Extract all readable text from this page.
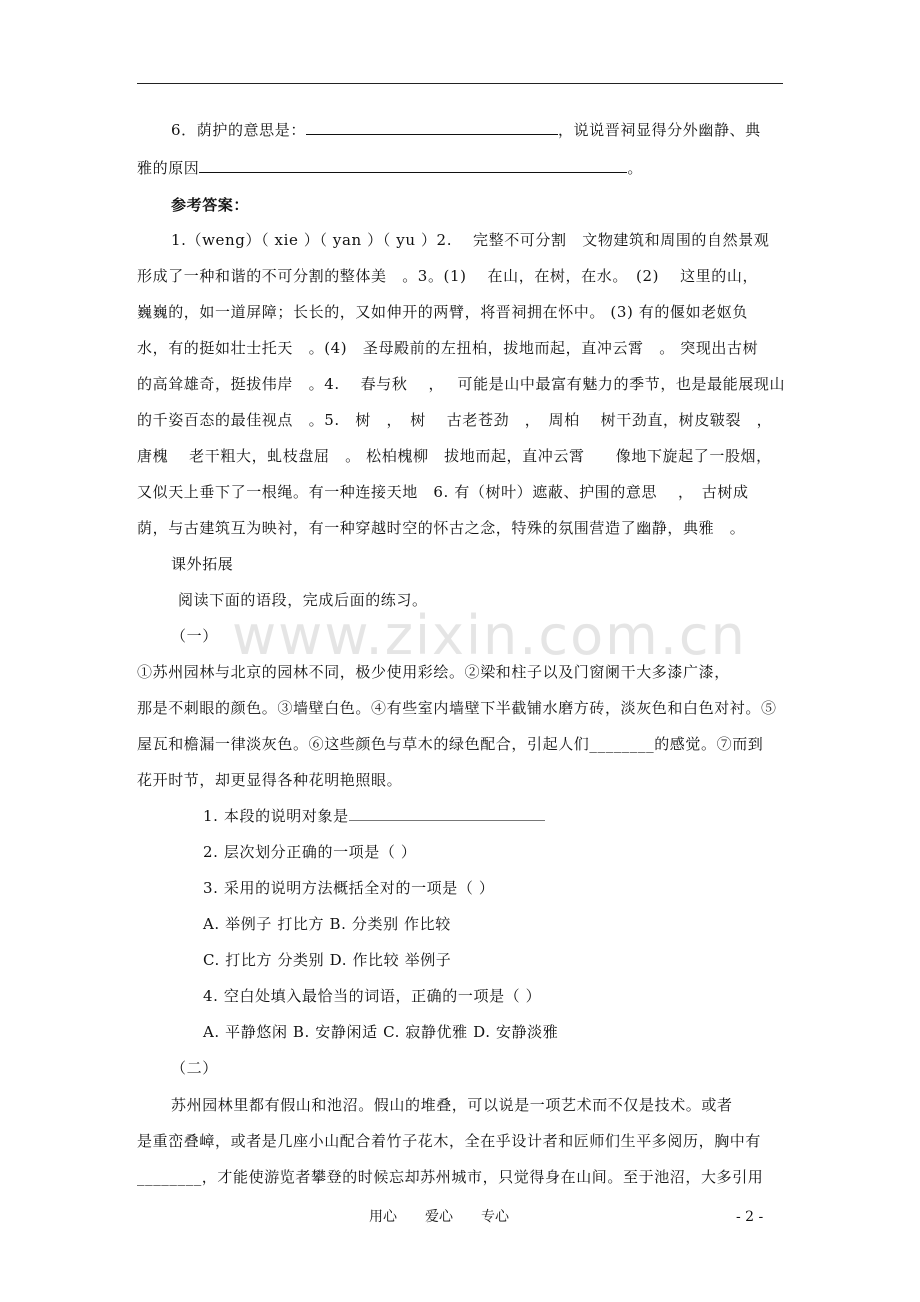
6．荫护的意思是：	，说说晋祠显得分外幽静、典
雅的原因	。
参考答案：
1.（weng）（ xie ）（ yan ）（ yu ）2.　 完整不可分割　文物建筑和周围的自然景观
形成了一种和谐的不可分割的整体美　。3。(1)　 在山，在树，在水。　(2)　 这里的山，
巍巍的，如一道屏障；长长的，又如伸开的两臂，将晋祠拥在怀中。 (3) 有的偃如老妪负
水，有的挺如壮士托天　。(4)　圣母殿前的左扭柏，拔地而起，直冲云霄　。 突现出古树
的高耸雄奇，挺拔伟岸　。4.　 春与秋　 ，　 可能是山中最富有魅力的季节，也是最能展现山
的千姿百态的最佳视点　。5.　树　，　树　 古老苍劲　，　周柏　 树干劲直，树皮皲裂　，
唐槐　 老干粗大，虬枝盘屈　。 松柏槐柳　拔地而起，直冲云霄　　像地下旋起了一股烟，
又似天上垂下了一根绳。有一种连接天地　6. 有（树叶）遮蔽、护围的意思　 ，　古树成
荫，与古建筑互为映衬，有一种穿越时空的怀古之念，特殊的氛围营造了幽静，典雅　。
课外拓展
阅读下面的语段，完成后面的练习。
www.zixin.com.cn
（一）
①苏州园林与北京的园林不同，极少使用彩绘。②梁和柱子以及门窗阑干大多漆广漆，
那是不刺眼的颜色。③墙壁白色。④有些室内墙壁下半截铺水磨方砖，淡灰色和白色对衬。⑤
屋瓦和檐漏一律淡灰色。⑥这些颜色与草木的绿色配合，引起人们________的感觉。⑦而到
花开时节，却更显得各种花明艳照眼。
1. 本段的说明对象是
2. 层次划分正确的一项是（ ）
3. 采用的说明方法概括全对的一项是（ ）
A. 举例子 打比方 B. 分类别 作比较
C. 打比方 分类别 D. 作比较 举例子
4. 空白处填入最恰当的词语，正确的一项是（ ）
A. 平静悠闲 B. 安静闲适 C. 寂静优雅 D. 安静淡雅
（二）
苏州园林里都有假山和池沼。假山的堆叠，可以说是一项艺术而不仅是技术。或者
是重峦叠嶂，或者是几座小山配合着竹子花木，全在乎设计者和匠师们生平多阅历，胸中有
________，才能使游览者攀登的时候忘却苏州城市，只觉得身在山间。至于池沼，大多引用
用心　　爱心　　专心	- 2 -
